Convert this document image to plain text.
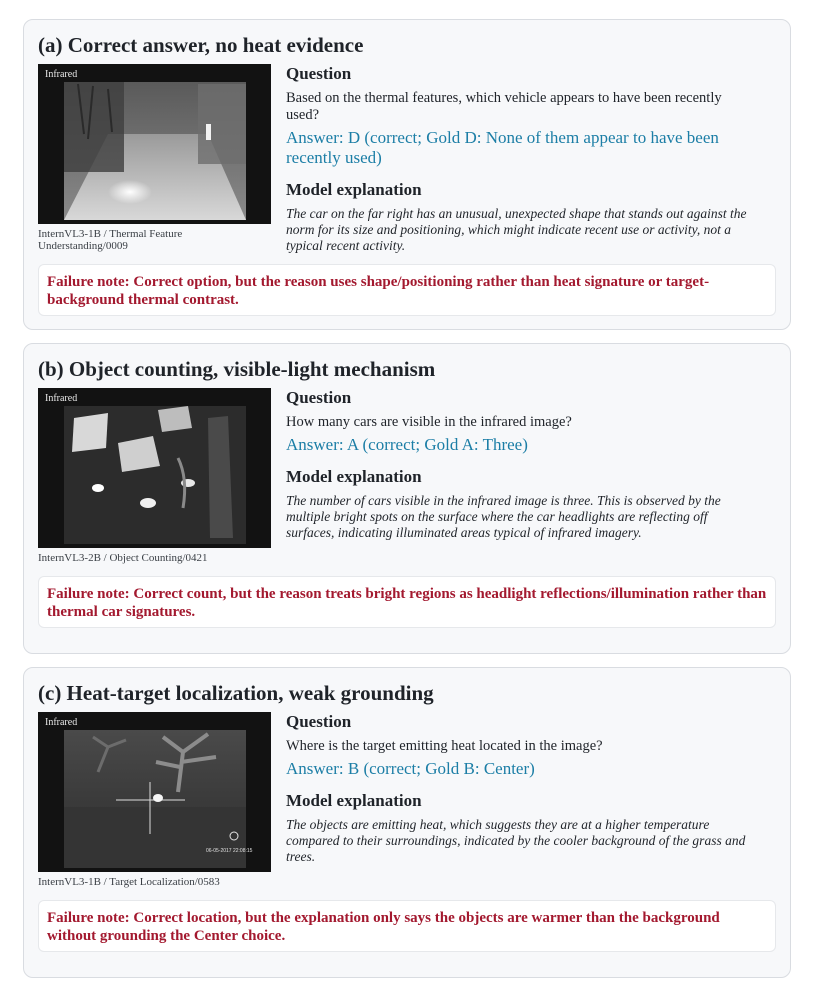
(a) Correct answer, no heat evidence
Infrared
InternVL3-1B / Thermal Feature Understanding/0009

Question

Based on the thermal features, which vehicle appears to have been recently used?

Answer: D (correct; Gold D: None of them appear to have been recently used)

Model explanation

The car on the far right has an unusual, unexpected shape that stands out against the norm for its size and positioning, which might indicate recent use or activity, not a typical recent activity.

Failure note: Correct option, but the reason uses shape/positioning rather than heat signature or target-background thermal contrast.
(b) Object counting, visible-light mechanism
Infrared
InternVL3-2B / Object Counting/0421

Question

How many cars are visible in the infrared image?

Answer: A (correct; Gold A: Three)

Model explanation

The number of cars visible in the infrared image is three. This is observed by the multiple bright spots on the surface where the car headlights are reflecting off surfaces, indicating illuminated areas typical of infrared imagery.

Failure note: Correct count, but the reason treats bright regions as headlight reflections/illumination rather than thermal car signatures.
(c) Heat-target localization, weak grounding
06-05-2017 22:08:15
Infrared
InternVL3-1B / Target Localization/0583

Question

Where is the target emitting heat located in the image?

Answer: B (correct; Gold B: Center)

Model explanation

The objects are emitting heat, which suggests they are at a higher temperature compared to their surroundings, indicated by the cooler background of the grass and trees.

Failure note: Correct location, but the explanation only says the objects are warmer than the background without grounding the Center choice.
